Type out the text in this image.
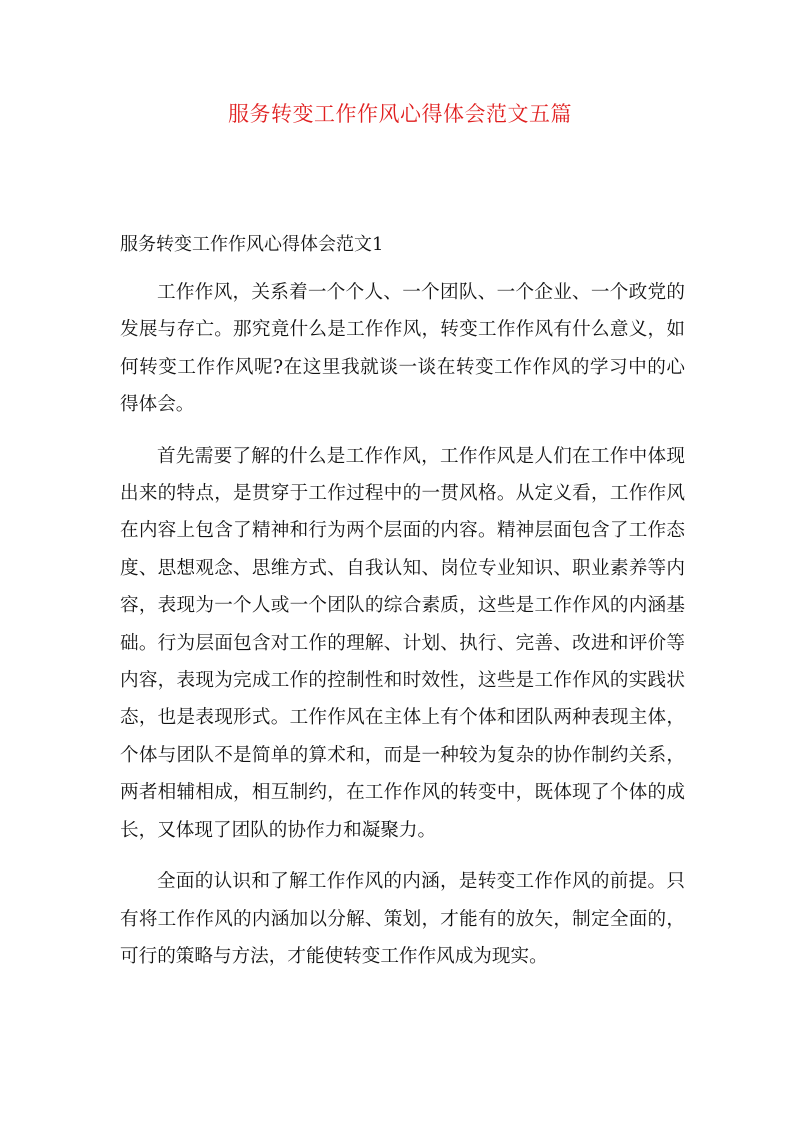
服务转变工作作风心得体会范文五篇

服务转变工作作风心得体会范文1

工作作风，关系着一个个人、一个团队、一个企业、一个政党的发展与存亡。那究竟什么是工作作风，转变工作作风有什么意义，如何转变工作作风呢?在这里我就谈一谈在转变工作作风的学习中的心得体会。

首先需要了解的什么是工作作风，工作作风是人们在工作中体现出来的特点，是贯穿于工作过程中的一贯风格。从定义看，工作作风在内容上包含了精神和行为两个层面的内容。精神层面包含了工作态度、思想观念、思维方式、自我认知、岗位专业知识、职业素养等内容，表现为一个人或一个团队的综合素质，这些是工作作风的内涵基础。行为层面包含对工作的理解、计划、执行、完善、改进和评价等内容，表现为完成工作的控制性和时效性，这些是工作作风的实践状态，也是表现形式。工作作风在主体上有个体和团队两种表现主体，个体与团队不是简单的算术和，而是一种较为复杂的协作制约关系，两者相辅相成，相互制约，在工作作风的转变中，既体现了个体的成长，又体现了团队的协作力和凝聚力。

全面的认识和了解工作作风的内涵，是转变工作作风的前提。只有将工作作风的内涵加以分解、策划，才能有的放矢，制定全面的，可行的策略与方法，才能使转变工作作风成为现实。
